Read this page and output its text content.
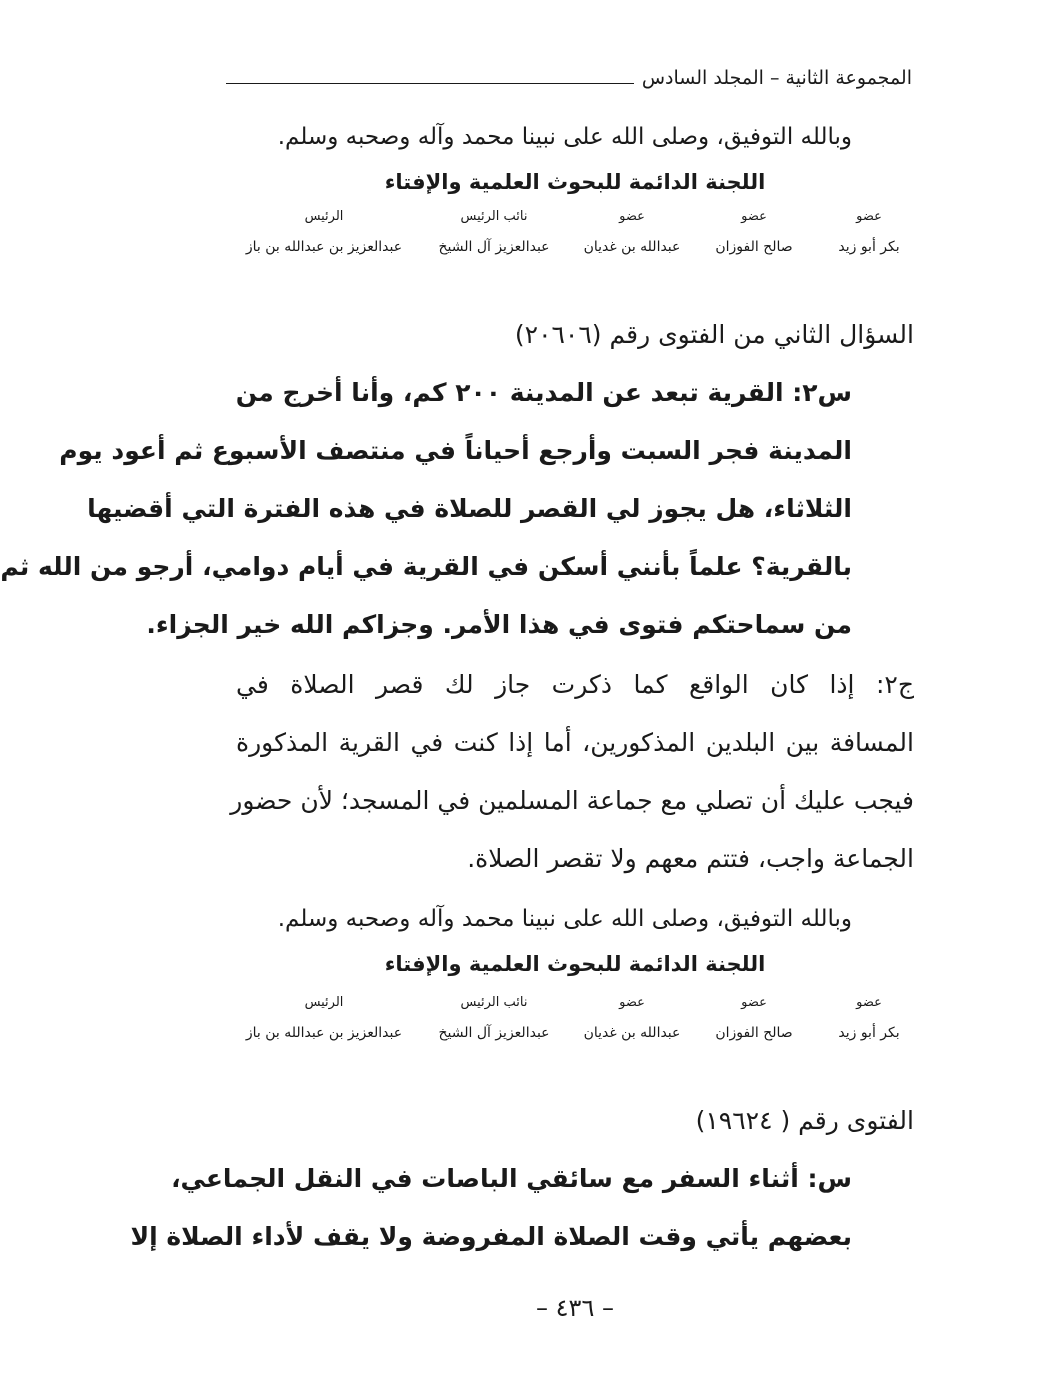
المجموعة الثانية – المجلد السادس
وبالله التوفيق، وصلى الله على نبينا محمد وآله وصحبه وسلم.
اللجنة الدائمة للبحوث العلمية والإفتاء
عضو
بكر أبو زيد
عضو
صالح الفوزان
عضو
عبدالله بن غديان
نائب الرئيس
عبدالعزيز آل الشيخ
الرئيس
عبدالعزيز بن عبدالله بن باز
السؤال الثاني من الفتوى رقم (٢٠٦٠٦)
س٢: القرية تبعد عن المدينة ٢٠٠ كم، وأنا أخرج من
المدينة فجر السبت وأرجع أحياناً في منتصف الأسبوع ثم أعود يوم
الثلاثاء، هل يجوز لي القصر للصلاة في هذه الفترة التي أقضيها
بالقرية؟ علماً بأنني أسكن في القرية في أيام دوامي، أرجو من الله ثم
من سماحتكم فتوى في هذا الأمر. وجزاكم الله خير الجزاء.
ج٢: إذا كان الواقع كما ذكرت جاز لك قصر الصلاة في
المسافة بين البلدين المذكورين، أما إذا كنت في القرية المذكورة
فيجب عليك أن تصلي مع جماعة المسلمين في المسجد؛ لأن حضور
الجماعة واجب، فتتم معهم ولا تقصر الصلاة.
وبالله التوفيق، وصلى الله على نبينا محمد وآله وصحبه وسلم.
اللجنة الدائمة للبحوث العلمية والإفتاء
عضو
بكر أبو زيد
عضو
صالح الفوزان
عضو
عبدالله بن غديان
نائب الرئيس
عبدالعزيز آل الشيخ
الرئيس
عبدالعزيز بن عبدالله بن باز
الفتوى رقم ( ١٩٦٢٤)
س: أثناء السفر مع سائقي الباصات في النقل الجماعي،
بعضهم يأتي وقت الصلاة المفروضة ولا يقف لأداء الصلاة إلا
– ٤٣٦ –
